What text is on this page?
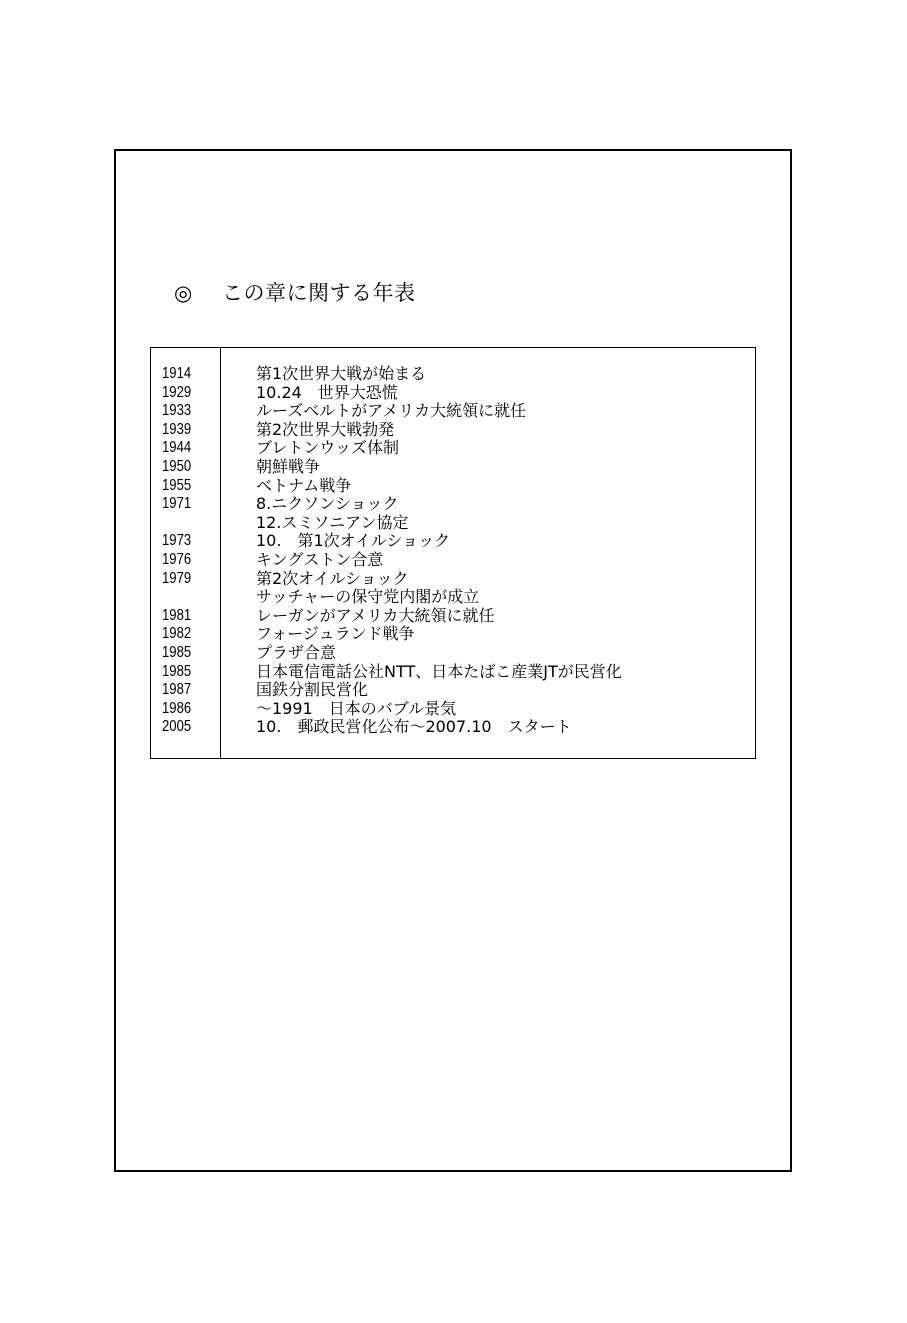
◎ この章に関する年表
1914	第1次世界大戦が始まる
1929	10.24　世界大恐慌
1933	ルーズベルトがアメリカ大統領に就任
1939	第2次世界大戦勃発
1944	ブレトンウッズ体制
1950	朝鮮戦争
1955	ベトナム戦争
1971	8.ニクソンショック
12.スミソニアン協定
1973	10.　第1次オイルショック
1976	キングストン合意
1979	第2次オイルショック
サッチャーの保守党内閣が成立
1981	レーガンがアメリカ大統領に就任
1982	フォージュランド戦争
1985	プラザ合意
1985	日本電信電話公社NTT、日本たばこ産業JTが民営化
1987	国鉄分割民営化
1986	～1991　日本のバブル景気
2005	10.　郵政民営化公布～2007.10　スタート
